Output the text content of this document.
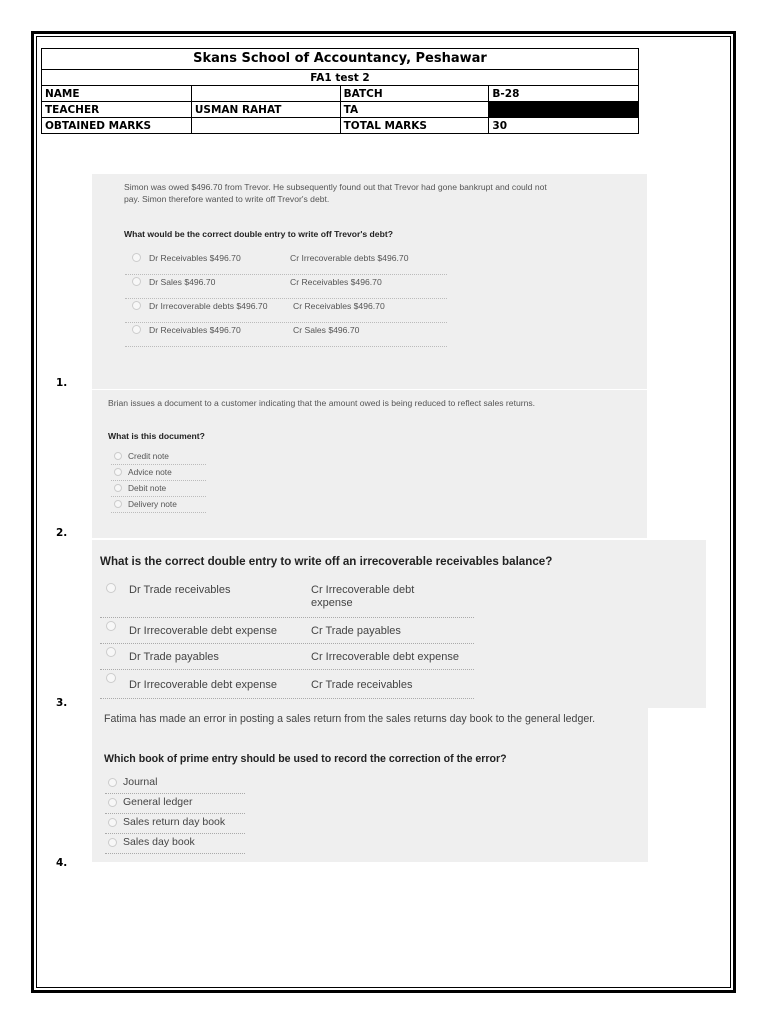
Skans School of Accountancy, Peshawar			
FA1 test 2			
NAME		BATCH	B-28
TEACHER	USMAN RAHAT	TA	
OBTAINED MARKS		TOTAL MARKS	30
Simon was owed $496.70 from Trevor. He subsequently found out that Trevor had gone bankrupt and could not
pay. Simon therefore wanted to write off Trevor's debt.
What would be the correct double entry to write off Trevor's debt?
Dr Receivables $496.70	Cr Irrecoverable debts $496.70
Dr Sales $496.70	Cr Receivables $496.70
Dr Irrecoverable debts $496.70	Cr Receivables $496.70
Dr Receivables $496.70	Cr Sales $496.70
1.
Brian issues a document to a customer indicating that the amount owed is being reduced to reflect sales returns.
What is this document?
Credit note
Advice note
Debit note
Delivery note
2.
What is the correct double entry to write off an irrecoverable receivables balance?
Dr Trade receivables	Cr Irrecoverable debt
expense
Dr Irrecoverable debt expense	Cr Trade payables
Dr Trade payables	Cr Irrecoverable debt expense
Dr Irrecoverable debt expense	Cr Trade receivables
3.
Fatima has made an error in posting a sales return from the sales returns day book to the general ledger.
Which book of prime entry should be used to record the correction of the error?
Journal
General ledger
Sales return day book
Sales day book
4.
